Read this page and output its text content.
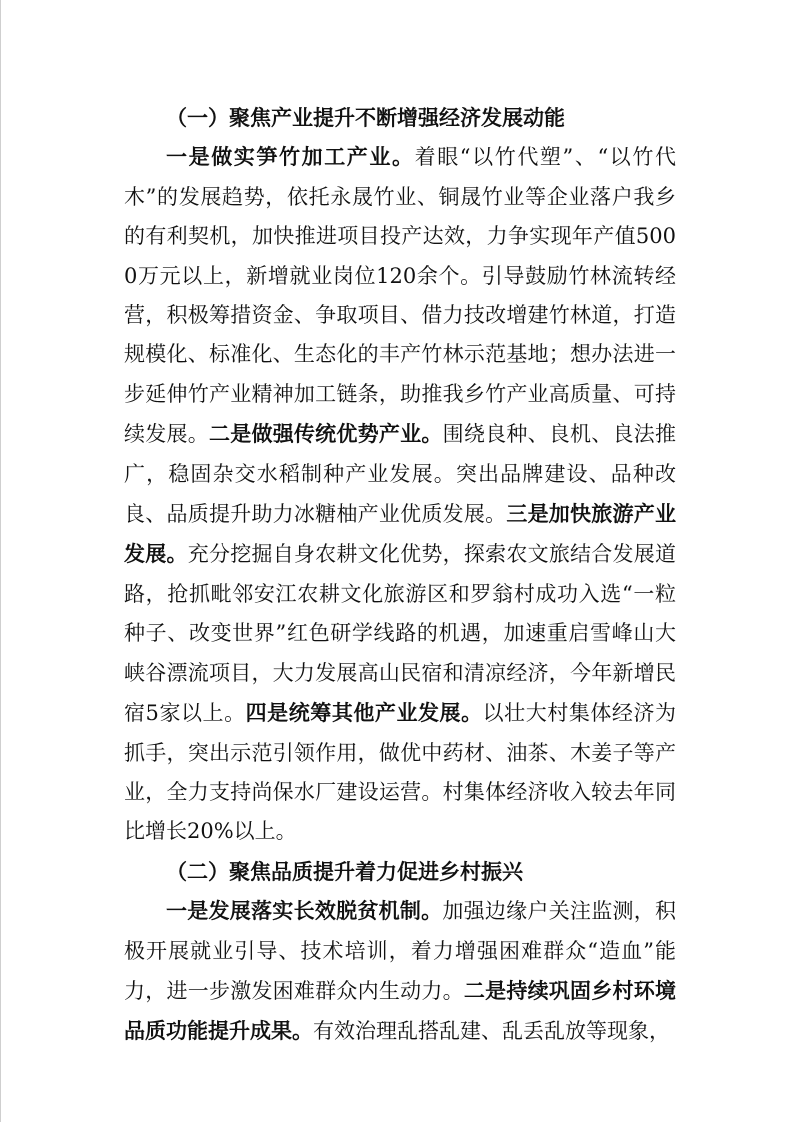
（一）聚焦产业提升不断增强经济发展动能

一是做实笋竹加工产业。着眼“以竹代塑”、“以竹代木”的发展趋势，依托永晟竹业、铜晟竹业等企业落户我乡的有利契机，加快推进项目投产达效，力争实现年产值5000万元以上，新增就业岗位120余个。引导鼓励竹林流转经营，积极筹措资金、争取项目、借力技改增建竹林道，打造规模化、标准化、生态化的丰产竹林示范基地；想办法进一步延伸竹产业精神加工链条，助推我乡竹产业高质量、可持续发展。二是做强传统优势产业。围绕良种、良机、良法推广，稳固杂交水稻制种产业发展。突出品牌建设、品种改良、品质提升助力冰糖柚产业优质发展。三是加快旅游产业发展。充分挖掘自身农耕文化优势，探索农文旅结合发展道路，抢抓毗邻安江农耕文化旅游区和罗翁村成功入选“一粒种子、改变世界”红色研学线路的机遇，加速重启雪峰山大峡谷漂流项目，大力发展高山民宿和清凉经济，今年新增民宿5家以上。四是统筹其他产业发展。以壮大村集体经济为抓手，突出示范引领作用，做优中药材、油茶、木姜子等产业，全力支持尚保水厂建设运营。村集体经济收入较去年同比增长20%以上。

（二）聚焦品质提升着力促进乡村振兴

一是发展落实长效脱贫机制。加强边缘户关注监测，积极开展就业引导、技术培训，着力增强困难群众“造血”能力，进一步激发困难群众内生动力。二是持续巩固乡村环境品质功能提升成果。有效治理乱搭乱建、乱丢乱放等现象，
